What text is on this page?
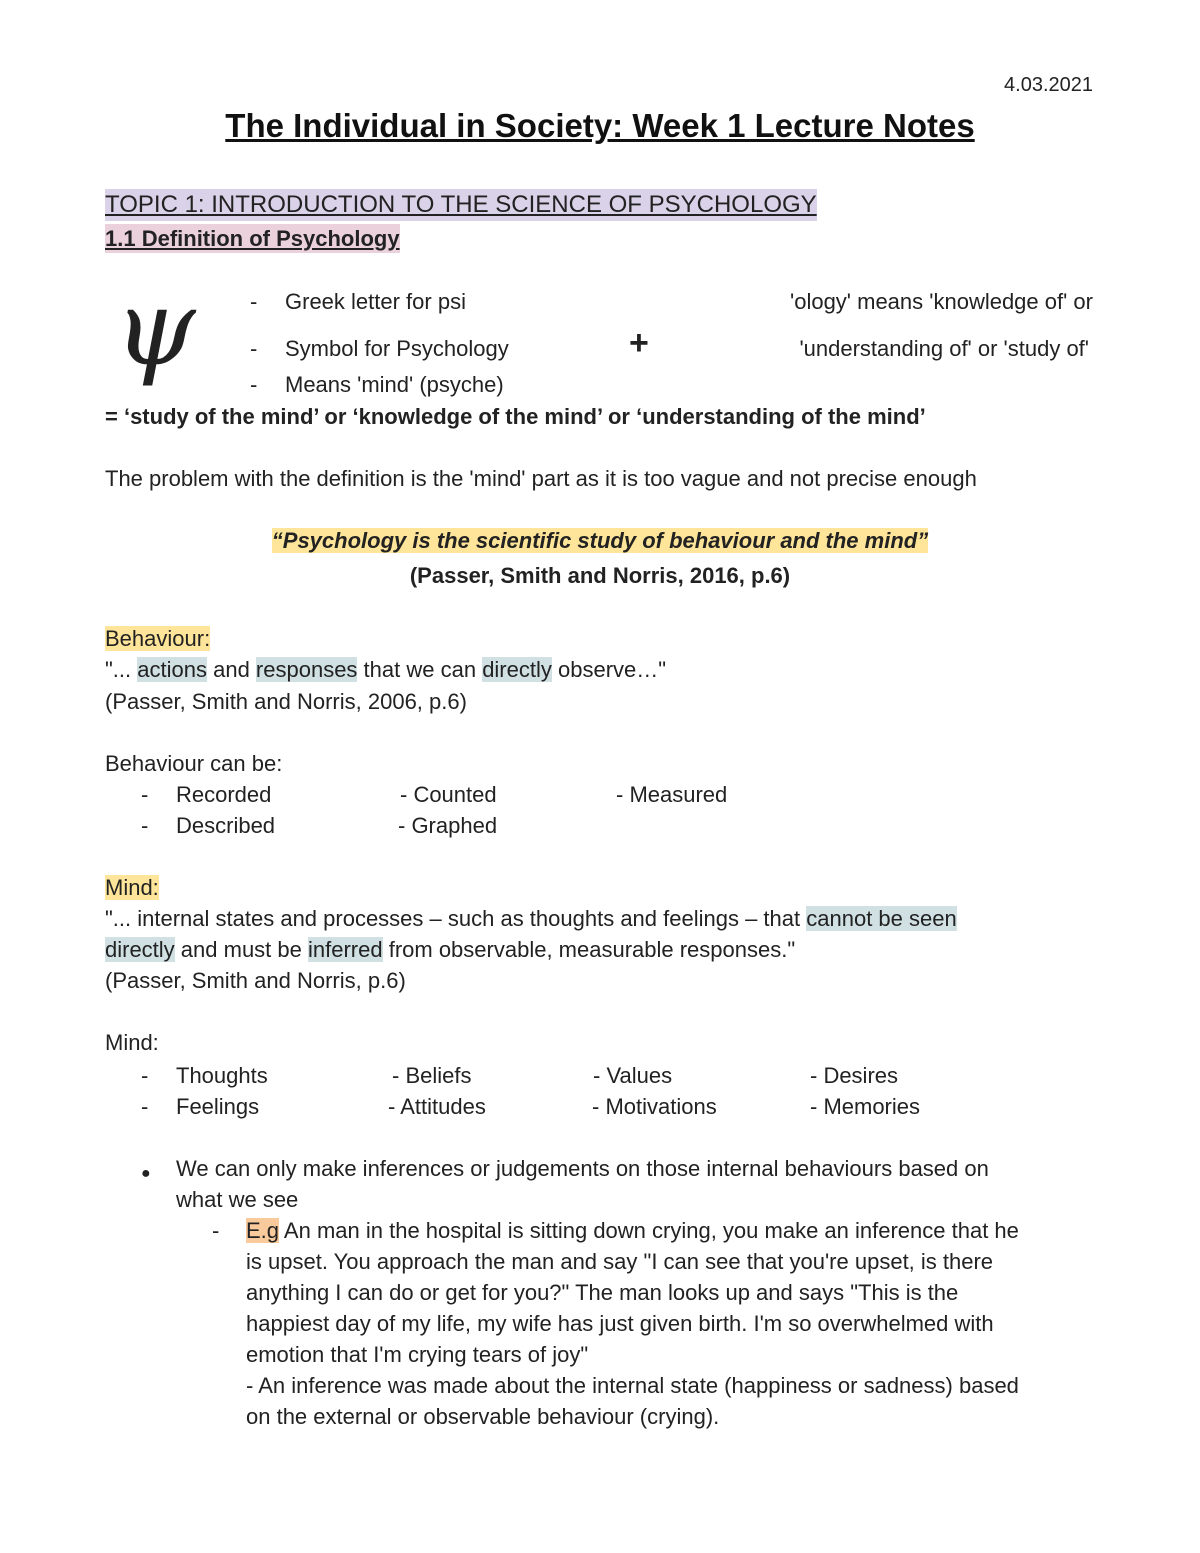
4.03.2021
The Individual in Society: Week 1 Lecture Notes
TOPIC 1: INTRODUCTION TO THE SCIENCE OF PSYCHOLOGY
1.1 Definition of Psychology
ψ - Greek letter for psi
- Symbol for Psychology
- Means 'mind' (psyche)
+
'ology' means 'knowledge of' or
'understanding of' or 'study of'
= ‘study of the mind’ or ‘knowledge of the mind’ or ‘understanding of the mind’
The problem with the definition is the 'mind' part as it is too vague and not precise enough
“Psychology is the scientific study of behaviour and the mind”
(Passer, Smith and Norris, 2016, p.6)
Behaviour:
"... actions and responses that we can directly observe…"
(Passer, Smith and Norris, 2006, p.6)
Behaviour can be:
- Recorded	- Counted	- Measured
- Described	- Graphed
Mind:
"... internal states and processes – such as thoughts and feelings – that cannot be seen
directly and must be inferred from observable, measurable responses."
(Passer, Smith and Norris, p.6)
Mind:
- Thoughts	- Beliefs	- Values	- Desires
- Feelings	- Attitudes	- Motivations	- Memories
● We can only make inferences or judgements on those internal behaviours based on
what we see
- E.g An man in the hospital is sitting down crying, you make an inference that he
is upset. You approach the man and say "I can see that you're upset, is there
anything I can do or get for you?" The man looks up and says "This is the
happiest day of my life, my wife has just given birth. I'm so overwhelmed with
emotion that I'm crying tears of joy"
- An inference was made about the internal state (happiness or sadness) based
on the external or observable behaviour (crying).
